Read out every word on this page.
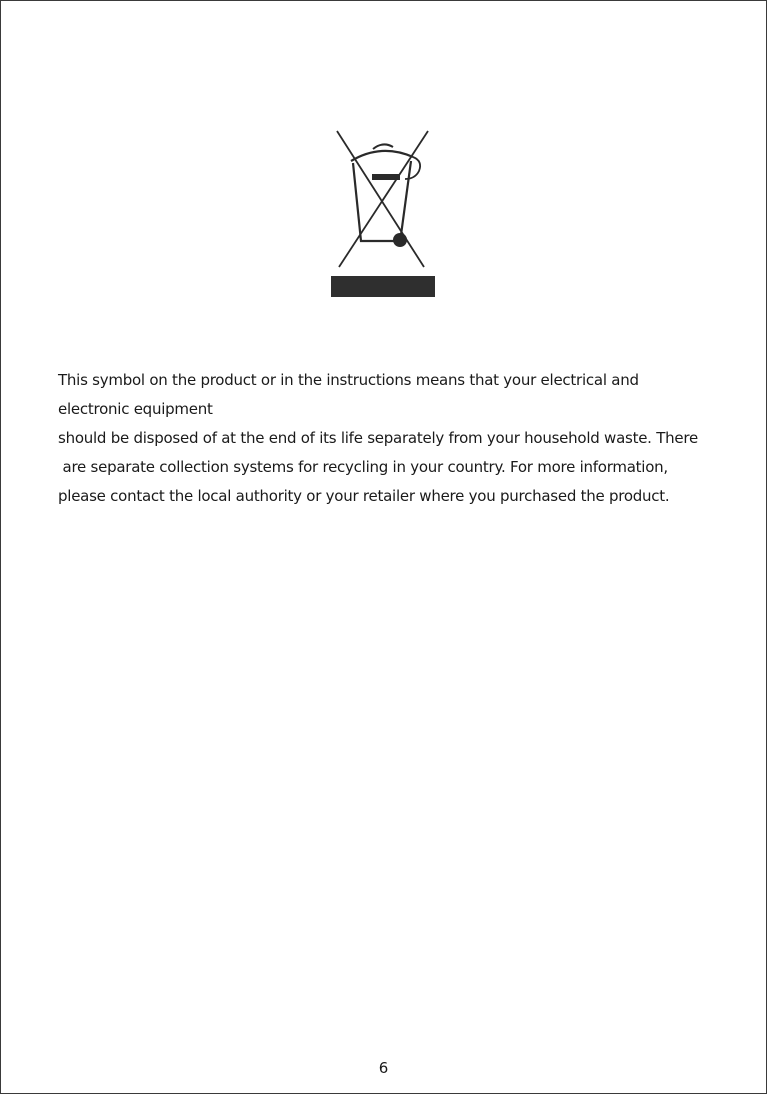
This symbol on the product or in the instructions means that your electrical and
electronic equipment
should be disposed of at the end of its life separately from your household waste. There
are separate collection systems for recycling in your country. For more information,
please contact the local authority or your retailer where you purchased the product.
6
